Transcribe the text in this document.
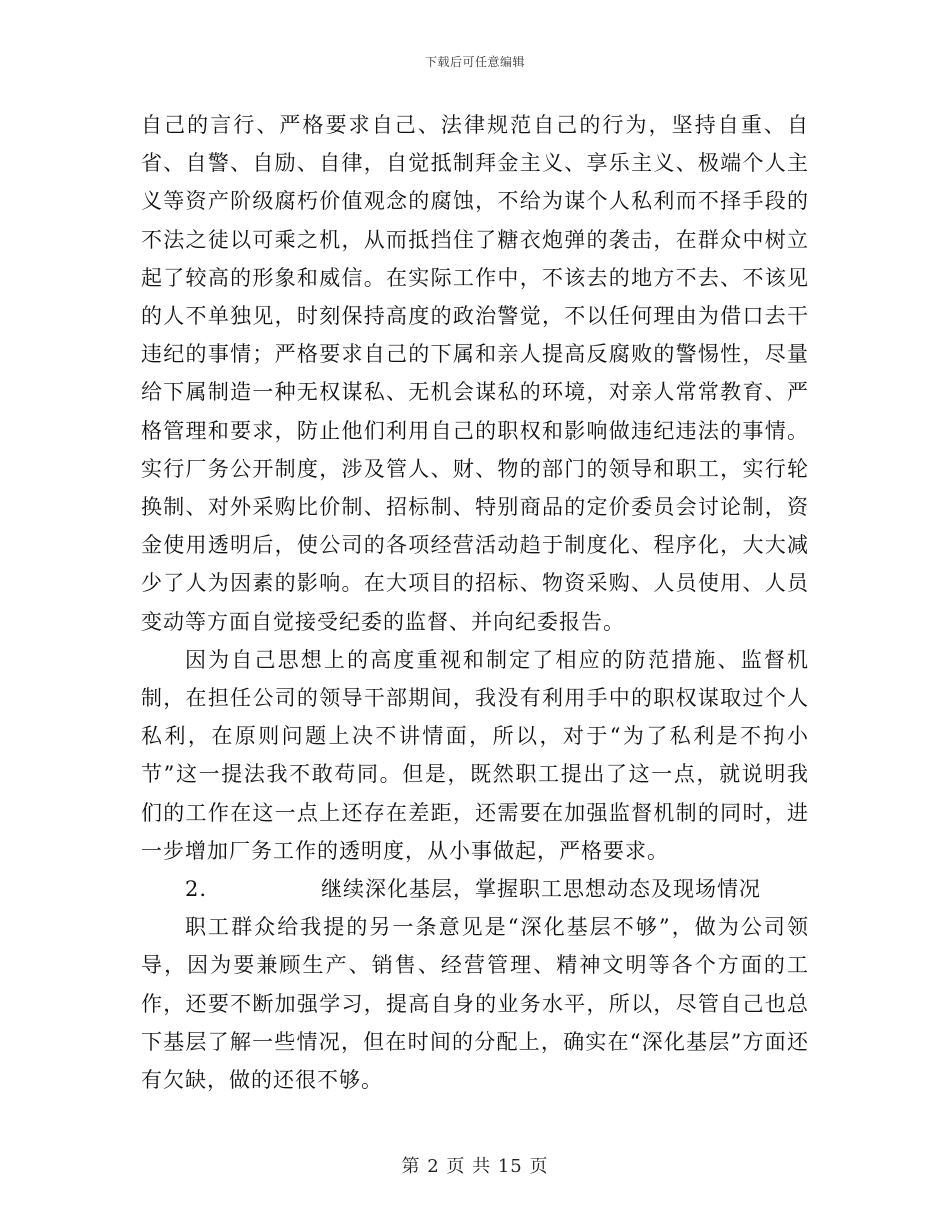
下载后可任意编辑

自己的言行、严格要求自己、法律规范自己的行为，坚持自重、自省、自警、自励、自律，自觉抵制拜金主义、享乐主义、极端个人主义等资产阶级腐朽价值观念的腐蚀，不给为谋个人私利而不择手段的不法之徒以可乘之机，从而抵挡住了糖衣炮弹的袭击，在群众中树立起了较高的形象和威信。在实际工作中，不该去的地方不去、不该见的人不单独见，时刻保持高度的政治警觉，不以任何理由为借口去干违纪的事情；严格要求自己的下属和亲人提高反腐败的警惕性，尽量给下属制造一种无权谋私、无机会谋私的环境，对亲人常常教育、严格管理和要求，防止他们利用自己的职权和影响做违纪违法的事情。实行厂务公开制度，涉及管人、财、物的部门的领导和职工，实行轮换制、对外采购比价制、招标制、特别商品的定价委员会讨论制，资金使用透明后，使公司的各项经营活动趋于制度化、程序化，大大减少了人为因素的影响。在大项目的招标、物资采购、人员使用、人员变动等方面自觉接受纪委的监督、并向纪委报告。

因为自己思想上的高度重视和制定了相应的防范措施、监督机制，在担任公司的领导干部期间，我没有利用手中的职权谋取过个人私利，在原则问题上决不讲情面，所以，对于“为了私利是不拘小节”这一提法我不敢苟同。但是，既然职工提出了这一点，就说明我们的工作在这一点上还存在差距，还需要在加强监督机制的同时，进一步增加厂务工作的透明度，从小事做起，严格要求。

2.	继续深化基层，掌握职工思想动态及现场情况

职工群众给我提的另一条意见是“深化基层不够”，做为公司领导，因为要兼顾生产、销售、经营管理、精神文明等各个方面的工作，还要不断加强学习，提高自身的业务水平，所以，尽管自己也总下基层了解一些情况，但在时间的分配上，确实在“深化基层”方面还有欠缺，做的还很不够。

第 2 页 共 15 页
